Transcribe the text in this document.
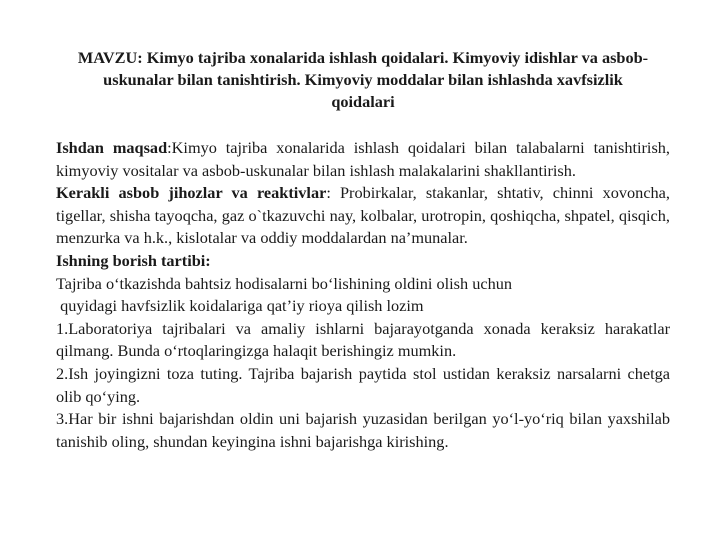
MAVZU: Kimyo tajriba xonalarida ishlash qoidalari. Kimyoviy idishlar va asbob-uskunalar bilan tanishtirish. Kimyoviy moddalar bilan ishlashda xavfsizlik qoidalari

Ishdan maqsad:Kimyo tajriba xonalarida ishlash qoidalari bilan talabalarni tanishtirish, kimyoviy vositalar va asbob-uskunalar bilan ishlash malakalarini shakllantirish.

Kerakli asbob jihozlar va reaktivlar: Probirkalar, stakanlar, shtativ, chinni xovoncha, tigellar, shisha tayoqcha, gaz o`tkazuvchi nay, kolbalar, urotropin, qoshiqcha, shpatel, qisqich, menzurka va h.k., kislotalar va oddiy moddalardan na’munalar.

Ishning borish tartibi:

Tajriba o‘tkazishda bahtsiz hodisalarni bo‘lishining oldini olish uchun

quyidagi havfsizlik koidalariga qat’iy rioya qilish lozim

1.Laboratoriya tajribalari va amaliy ishlarni bajarayotganda xonada keraksiz harakatlar qilmang. Bunda o‘rtoqlaringizga halaqit berishingiz mumkin.

2.Ish joyingizni toza tuting. Tajriba bajarish paytida stol ustidan keraksiz narsalarni chetga olib qo‘ying.

3.Har bir ishni bajarishdan oldin uni bajarish yuzasidan berilgan yo‘l-yo‘riq bilan yaxshilab tanishib oling, shundan keyingina ishni bajarishga kirishing.
